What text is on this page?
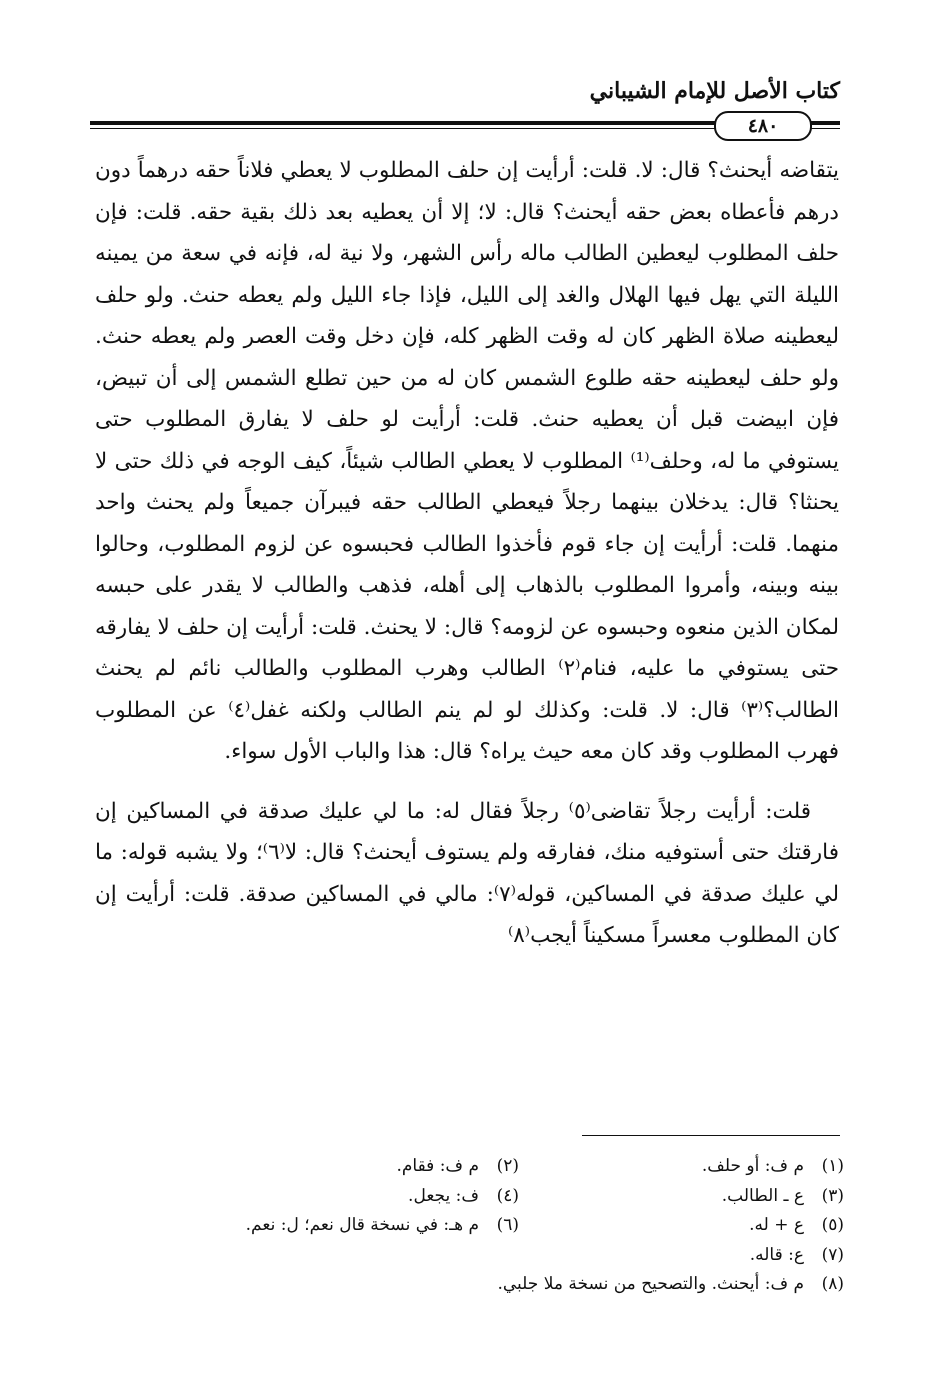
كتاب الأصل للإمام الشيباني
٤٨٠

يتقاضه أيحنث؟ قال: لا. قلت: أرأيت إن حلف المطلوب لا يعطي فلاناً حقه درهماً دون درهم فأعطاه بعض حقه أيحنث؟ قال: لا؛ إلا أن يعطيه بعد ذلك بقية حقه. قلت: فإن حلف المطلوب ليعطين الطالب ماله رأس الشهر، ولا نية له، فإنه في سعة من يمينه الليلة التي يهل فيها الهلال والغد إلى الليل، فإذا جاء الليل ولم يعطه حنث. ولو حلف ليعطينه صلاة الظهر كان له وقت الظهر كله، فإن دخل وقت العصر ولم يعطه حنث. ولو حلف ليعطينه حقه طلوع الشمس كان له من حين تطلع الشمس إلى أن تبيض، فإن ابيضت قبل أن يعطيه حنث. قلت: أرأيت لو حلف لا يفارق المطلوب حتى يستوفي ما له، وحلف⁽¹⁾ المطلوب لا يعطي الطالب شيئاً، كيف الوجه في ذلك حتى لا يحنثا؟ قال: يدخلان بينهما رجلاً فيعطي الطالب حقه فيبرآن جميعاً ولم يحنث واحد منهما. قلت: أرأيت إن جاء قوم فأخذوا الطالب فحبسوه عن لزوم المطلوب، وحالوا بينه وبينه، وأمروا المطلوب بالذهاب إلى أهله، فذهب والطالب لا يقدر على حبسه لمكان الذين منعوه وحبسوه عن لزومه؟ قال: لا يحنث. قلت: أرأيت إن حلف لا يفارقه حتى يستوفي ما عليه، فنام⁽٢⁾ الطالب وهرب المطلوب والطالب نائم لم يحنث الطالب؟⁽٣⁾ قال: لا. قلت: وكذلك لو لم ينم الطالب ولكنه غفل⁽٤⁾ عن المطلوب فهرب المطلوب وقد كان معه حيث يراه؟ قال: هذا والباب الأول سواء.

قلت: أرأيت رجلاً تقاضى⁽٥⁾ رجلاً فقال له: ما لي عليك صدقة في المساكين إن فارقتك حتى أستوفيه منك، ففارقه ولم يستوف أيحنث؟ قال: لا⁽٦⁾؛ ولا يشبه قوله: ما لي عليك صدقة في المساكين، قوله⁽٧⁾: مالي في المساكين صدقة. قلت: أرأيت إن كان المطلوب معسراً مسكيناً أيجب⁽٨⁾

(١)م ف: أو حلف.
(٢)م ف: فقام.
(٣)ع ـ الطالب.
(٤)ف: يجعل.
(٥)ع + له.
(٦)م هـ: في نسخة قال نعم؛ ل: نعم.
(٧)ع: قاله.
(٨)م ف: أيحنث. والتصحيح من نسخة ملا جلبي.
